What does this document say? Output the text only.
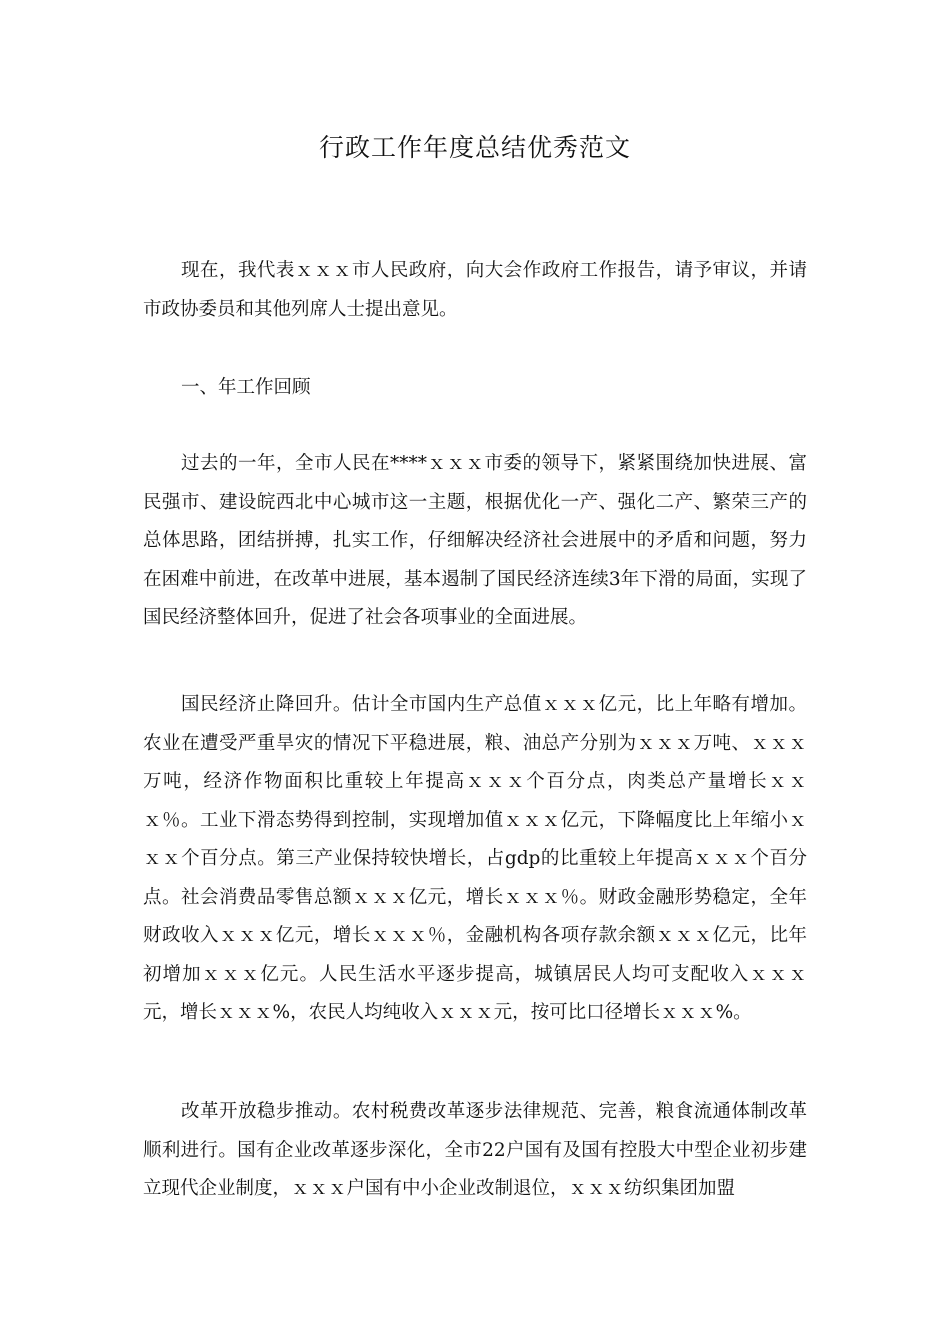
行政工作年度总结优秀范文

现在，我代表ｘｘｘ市人民政府，向大会作政府工作报告，请予审议，并请市政协委员和其他列席人士提出意见。

一、年工作回顾

过去的一年，全市人民在****ｘｘｘ市委的领导下，紧紧围绕加快进展、富民强市、建设皖西北中心城市这一主题，根据优化一产、强化二产、繁荣三产的总体思路，团结拼搏，扎实工作，仔细解决经济社会进展中的矛盾和问题，努力在困难中前进，在改革中进展，基本遏制了国民经济连续3年下滑的局面，实现了国民经济整体回升，促进了社会各项事业的全面进展。

国民经济止降回升。估计全市国内生产总值ｘｘｘ亿元，比上年略有增加。农业在遭受严重旱灾的情况下平稳进展，粮、油总产分别为ｘｘｘ万吨、ｘｘｘ万吨，经济作物面积比重较上年提高ｘｘｘ个百分点，肉类总产量增长ｘｘｘ％。工业下滑态势得到控制，实现增加值ｘｘｘ亿元，下降幅度比上年缩小ｘｘｘ个百分点。第三产业保持较快增长，占gdp的比重较上年提高ｘｘｘ个百分点。社会消费品零售总额ｘｘｘ亿元，增长ｘｘｘ％。财政金融形势稳定，全年财政收入ｘｘｘ亿元，增长ｘｘｘ％，金融机构各项存款余额ｘｘｘ亿元，比年初增加ｘｘｘ亿元。人民生活水平逐步提高，城镇居民人均可支配收入ｘｘｘ元，增长ｘｘｘ%，农民人均纯收入ｘｘｘ元，按可比口径增长ｘｘｘ%。

改革开放稳步推动。农村税费改革逐步法律规范、完善，粮食流通体制改革顺利进行。国有企业改革逐步深化，全市22户国有及国有控股大中型企业初步建立现代企业制度，ｘｘｘ户国有中小企业改制退位，ｘｘｘ纺织集团加盟
